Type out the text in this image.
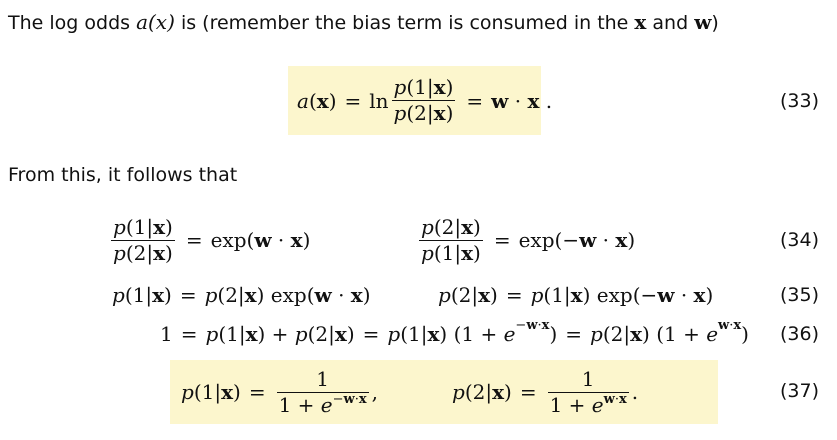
The log odds a(x) is (remember the bias term is consumed in the x and w)
a ( x ) = $\ln \frac{p(1|x)}{p(2|x)} = w \cdot x$ .	(33)
From this, it follows that
$\frac{p(1|x)}{p(2|x)} = \exp$( w · x )	$\frac{p(2|x)}{p(1|x)} = \exp(- w \cdot x$ )	(34)
p (1| x ) = p (2| x ) exp( w · x )	p (2| x ) = p (1| x ) exp(− w · x )	(35)
1 = p (1| x ) + p (2| x ) = p (1| x ) (1 + e −w·x ) = p (2| x ) (1 + e w·x ) (36)
p (1| x ) = $\frac{1}{1 + e^{-w\cdot x}}$ ,	p (2| x ) = $\frac{1}{1 + e^{w\cdot x}}$ .	(37)
